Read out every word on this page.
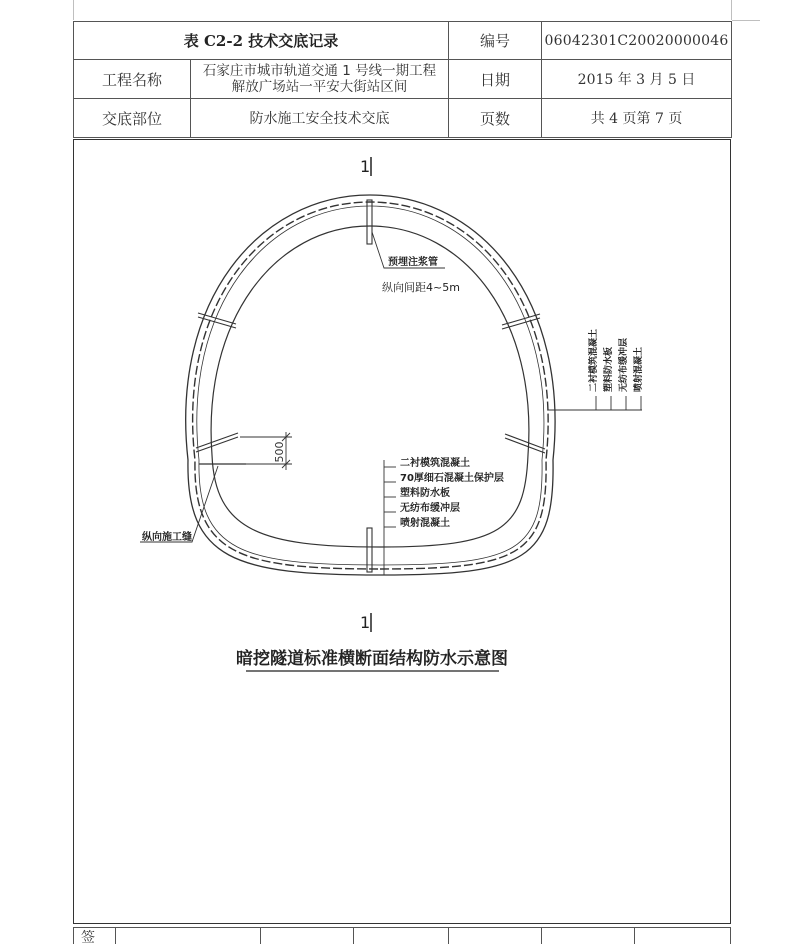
表 C2-2 技术交底记录		编号	06042301C20020000046
工程名称	石家庄市城市轨道交通 1 号线一期工程
解放广场站一平安大街站区间	日期	2015 年 3 月 5 日
交底部位	防水施工安全技术交底	页数	共 4 页第 7 页
500
1
1
预埋注浆管
纵向间距4~5m
二衬模筑混凝土
70厚细石混凝土保护层
塑料防水板
无纺布缓冲层
喷射混凝土
二衬模筑混凝土 塑料防水板 无纺布缓冲层 喷射混凝土
纵向施工缝
暗挖隧道标准横断面结构防水示意图
签
